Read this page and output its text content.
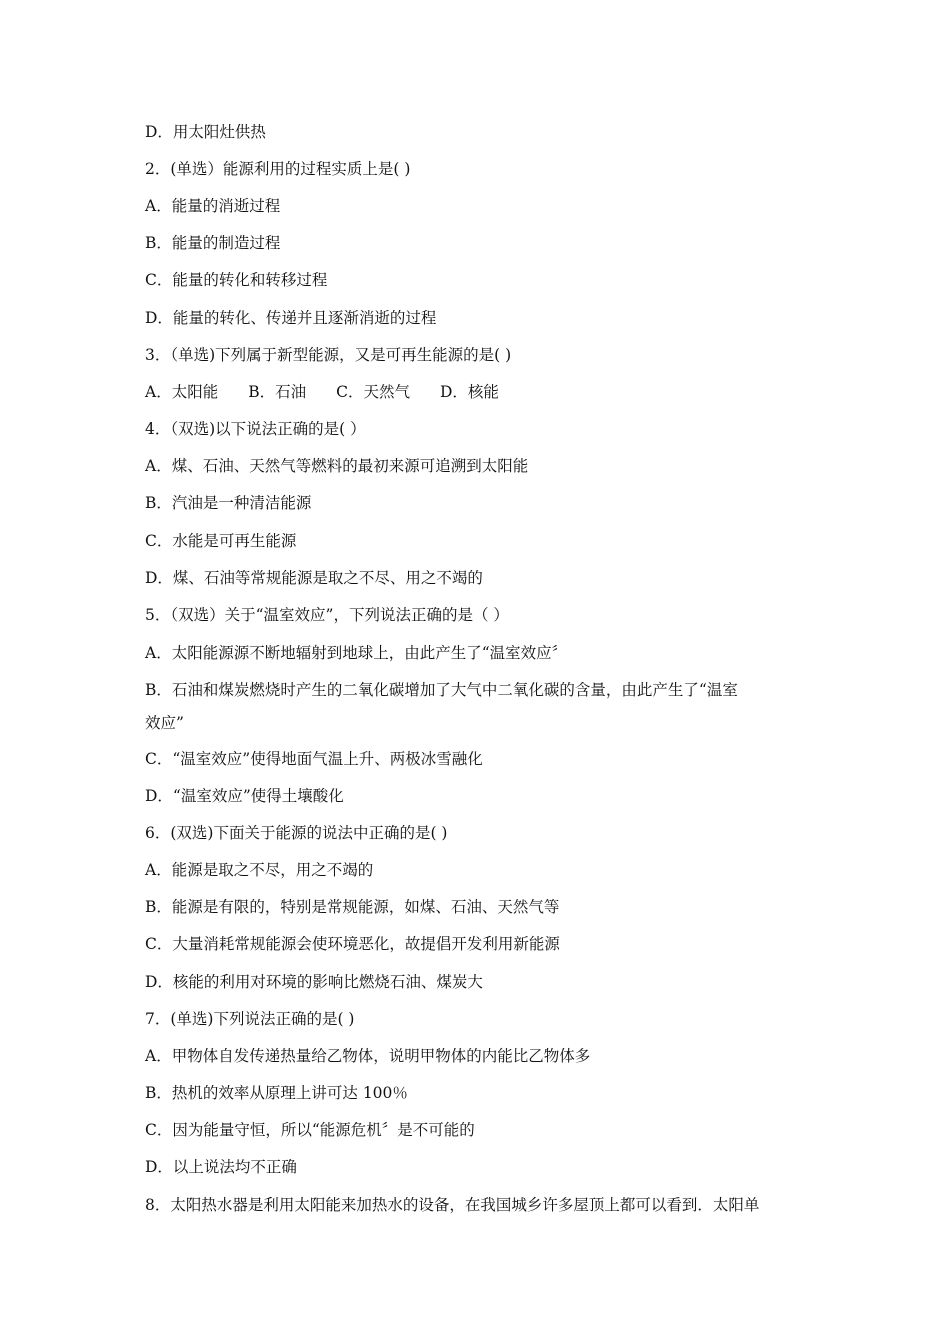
D．用太阳灶供热
2．(单选）能源利用的过程实质上是( )
A．能量的消逝过程
B．能量的制造过程
C．能量的转化和转移过程
D．能量的转化、传递并且逐渐消逝的过程
3．（单选)下列属于新型能源，又是可再生能源的是( )
A．太阳能 B．石油 C．天然气 D．核能
4．（双选)以下说法正确的是( ）
A．煤、石油、天然气等燃料的最初来源可追溯到太阳能
B．汽油是一种清洁能源
C．水能是可再生能源
D．煤、石油等常规能源是取之不尽、用之不竭的
5．（双选）关于“温室效应”，下列说法正确的是（ ）
A．太阳能源源不断地辐射到地球上，由此产生了“温室效应〞
B．石油和煤炭燃烧时产生的二氧化碳增加了大气中二氧化碳的含量，由此产生了“温室
效应”
C．“温室效应”使得地面气温上升、两极冰雪融化
D．“温室效应”使得土壤酸化
6．(双选)下面关于能源的说法中正确的是( )
A．能源是取之不尽，用之不竭的
B．能源是有限的，特别是常规能源，如煤、石油、天然气等
C．大量消耗常规能源会使环境恶化，故提倡开发利用新能源
D．核能的利用对环境的影响比燃烧石油、煤炭大
7．(单选)下列说法正确的是( )
A．甲物体自发传递热量给乙物体，说明甲物体的内能比乙物体多
B．热机的效率从原理上讲可达 100％
C．因为能量守恒，所以“能源危机〞是不可能的
D．以上说法均不正确
8．太阳热水器是利用太阳能来加热水的设备，在我国城乡许多屋顶上都可以看到．太阳单
